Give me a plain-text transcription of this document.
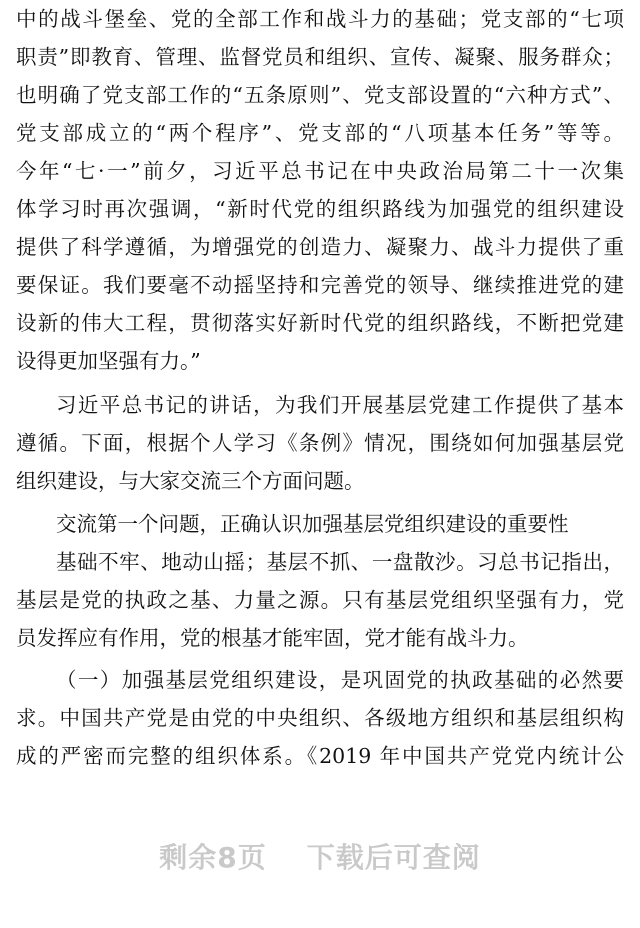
中的战斗堡垒、党的全部工作和战斗力的基础；党支部的“七项
职责”即教育、管理、监督党员和组织、宣传、凝聚、服务群众；
也明确了党支部工作的“五条原则”、党支部设置的“六种方式”、
党支部成立的“两个程序”、党支部的“八项基本任务”等等。
今年“七·一”前夕，习近平总书记在中央政治局第二十一次集
体学习时再次强调，“新时代党的组织路线为加强党的组织建设
提供了科学遵循，为增强党的创造力、凝聚力、战斗力提供了重
要保证。我们要毫不动摇坚持和完善党的领导、继续推进党的建
设新的伟大工程，贯彻落实好新时代党的组织路线，不断把党建
设得更加坚强有力。”
习近平总书记的讲话，为我们开展基层党建工作提供了基本
遵循。下面，根据个人学习《条例》情况，围绕如何加强基层党
组织建设，与大家交流三个方面问题。
交流第一个问题，正确认识加强基层党组织建设的重要性
基础不牢、地动山摇；基层不抓、一盘散沙。习总书记指出，
基层是党的执政之基、力量之源。只有基层党组织坚强有力，党
员发挥应有作用，党的根基才能牢固，党才能有战斗力。
（一）加强基层党组织建设，是巩固党的执政基础的必然要
求。中国共产党是由党的中央组织、各级地方组织和基层组织构
成的严密而完整的组织体系。《2019 年中国共产党党内统计公
剩余8页 下载后可查阅
